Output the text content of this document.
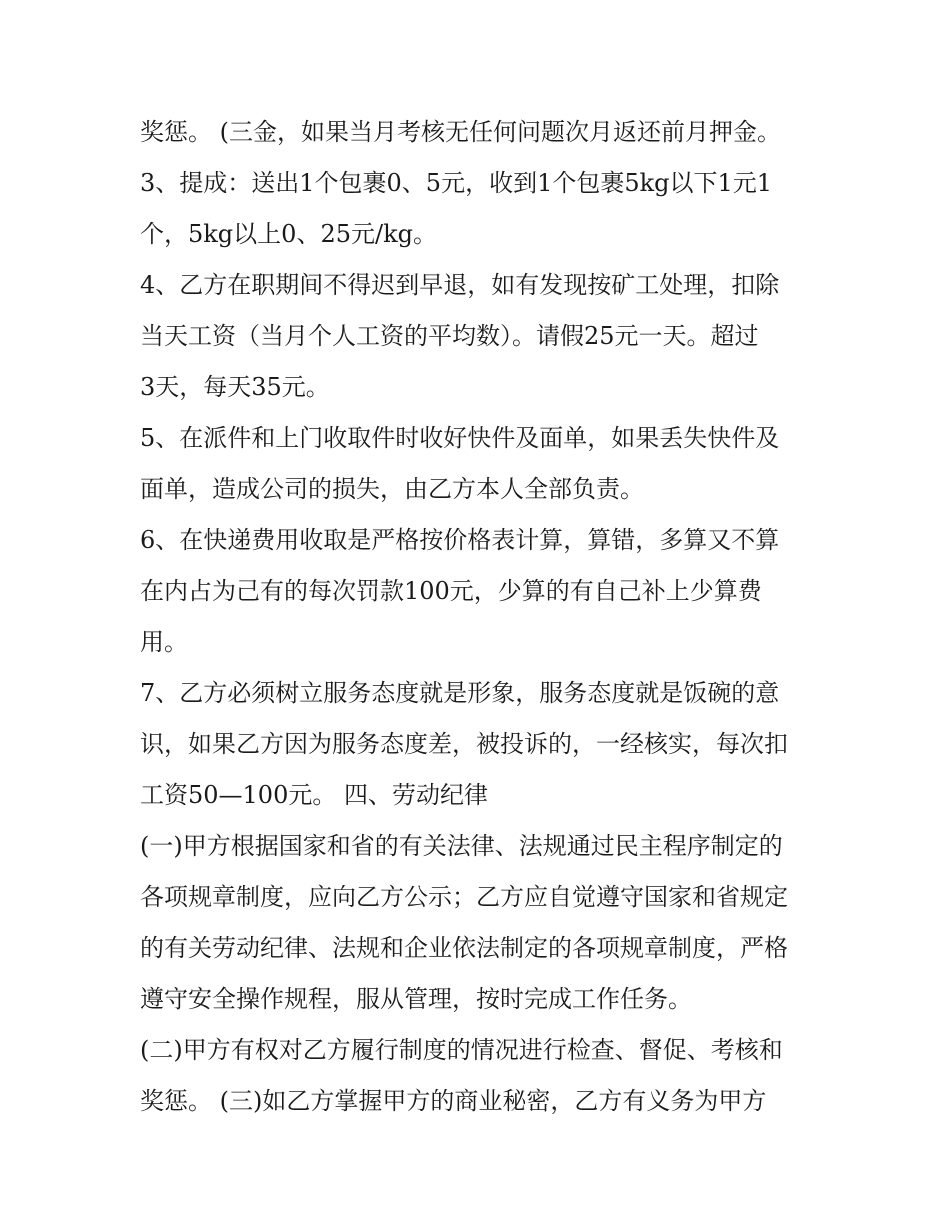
奖惩。 (三金，如果当月考核无任何问题次月返还前月押金。
3、提成：送出1个包裹0、5元，收到1个包裹5kg以下1元1
个，5kg以上0、25元/kg。
4、乙方在职期间不得迟到早退，如有发现按矿工处理，扣除
当天工资（当月个人工资的平均数）。请假25元一天。超过
3天，每天35元。
5、在派件和上门收取件时收好快件及面单，如果丢失快件及
面单，造成公司的损失，由乙方本人全部负责。
6、在快递费用收取是严格按价格表计算，算错，多算又不算
在内占为己有的每次罚款100元，少算的有自己补上少算费
用。
7、乙方必须树立服务态度就是形象，服务态度就是饭碗的意
识，如果乙方因为服务态度差，被投诉的，一经核实，每次扣
工资50—100元。 四、劳动纪律
(一)甲方根据国家和省的有关法律、法规通过民主程序制定的
各项规章制度，应向乙方公示；乙方应自觉遵守国家和省规定
的有关劳动纪律、法规和企业依法制定的各项规章制度，严格
遵守安全操作规程，服从管理，按时完成工作任务。
(二)甲方有权对乙方履行制度的情况进行检查、督促、考核和
奖惩。 (三)如乙方掌握甲方的商业秘密，乙方有义务为甲方
